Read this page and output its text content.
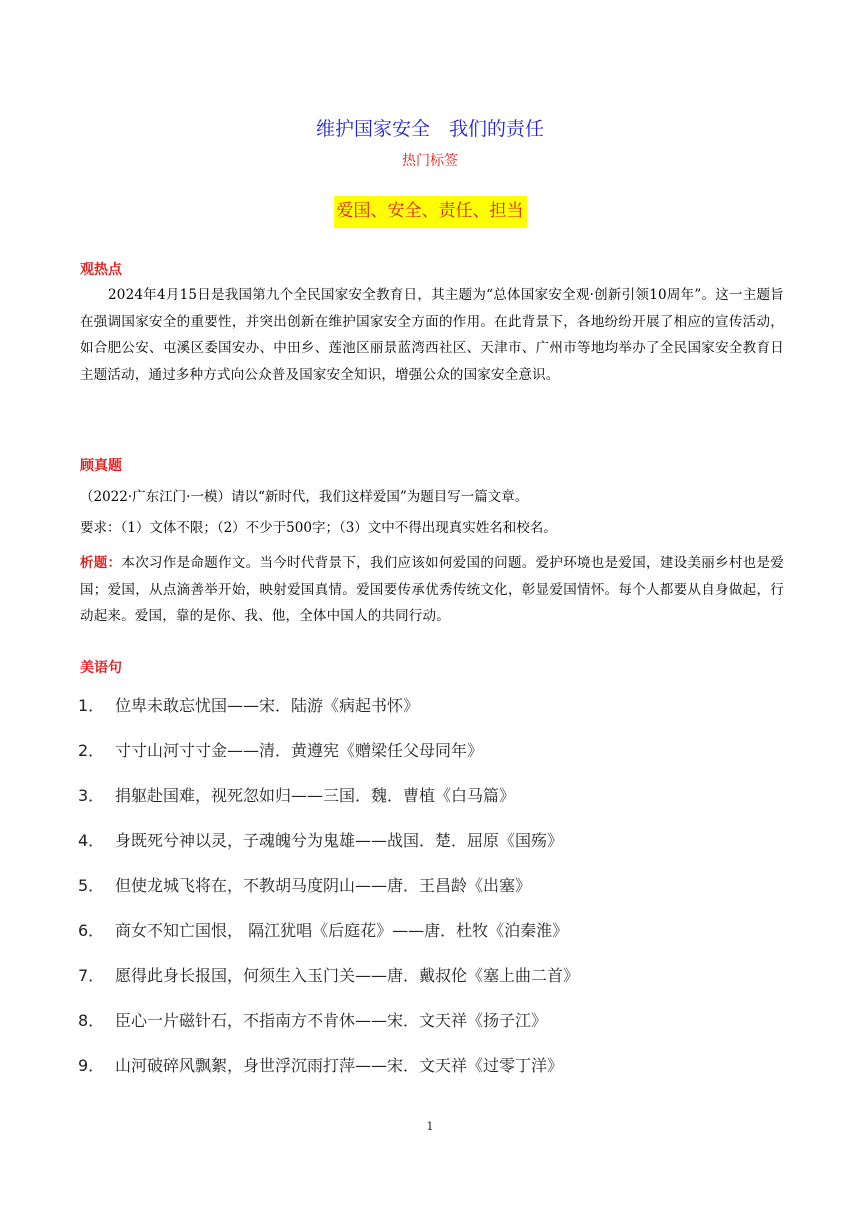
维护国家安全　我们的责任
热门标签
爱国、安全、责任、担当
观热点
2024年4月15日是我国第九个全民国家安全教育日，其主题为“总体国家安全观·创新引领10周年”。这一主题旨在强调国家安全的重要性，并突出创新在维护国家安全方面的作用。在此背景下，各地纷纷开展了相应的宣传活动，如合肥公安、屯溪区委国安办、中田乡、莲池区丽景蓝湾西社区、天津市、广州市等地均举办了全民国家安全教育日主题活动，通过多种方式向公众普及国家安全知识，增强公众的国家安全意识。
顾真题
（2022·广东江门·一模）请以“新时代，我们这样爱国”为题目写一篇文章。
要求：（1）文体不限；（2）不少于500字；（3）文中不得出现真实姓名和校名。
析题：本次习作是命题作文。当今时代背景下，我们应该如何爱国的问题。爱护环境也是爱国，建设美丽乡村也是爱国；爱国，从点滴善举开始，映射爱国真情。爱国要传承优秀传统文化，彰显爱国情怀。每个人都要从自身做起，行动起来。爱国，靠的是你、我、他，全体中国人的共同行动。
美语句
1． 位卑未敢忘忧国——宋．陆游《病起书怀》
2． 寸寸山河寸寸金——清．黄遵宪《赠梁任父母同年》
3． 捐躯赴国难，视死忽如归——三国．魏．曹植《白马篇》
4． 身既死兮神以灵，子魂魄兮为鬼雄——战国．楚．屈原《国殇》
5． 但使龙城飞将在，不教胡马度阴山——唐．王昌龄《出塞》
6． 商女不知亡国恨， 隔江犹唱《后庭花》——唐．杜牧《泊秦淮》
7． 愿得此身长报国，何须生入玉门关——唐．戴叔伦《塞上曲二首》
8． 臣心一片磁针石，不指南方不肯休——宋．文天祥《扬子江》
9． 山河破碎风飘絮，身世浮沉雨打萍——宋．文天祥《过零丁洋》
1
